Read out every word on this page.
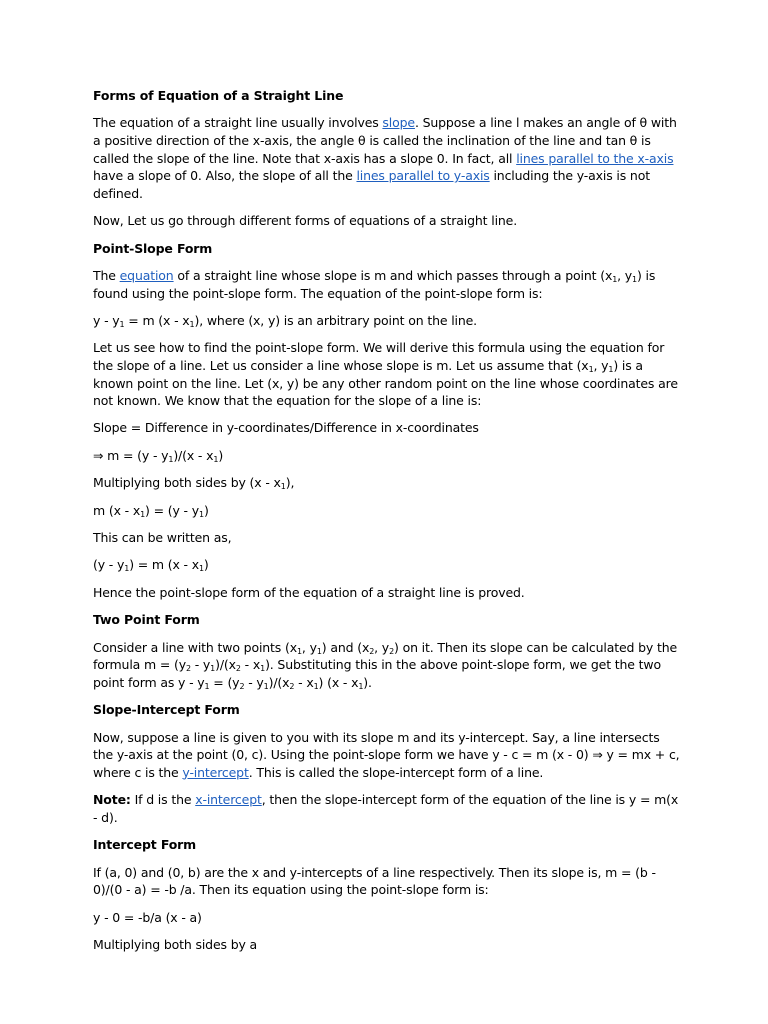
Forms of Equation of a Straight Line

The equation of a straight line usually involves slope. Suppose a line l makes an angle of θ with a positive direction of the x-axis, the angle θ is called the inclination of the line and tan θ is called the slope of the line. Note that x-axis has a slope 0. In fact, all lines parallel to the x-axis have a slope of 0. Also, the slope of all the lines parallel to y-axis including the y-axis is not defined.

Now, Let us go through different forms of equations of a straight line.

Point-Slope Form

The equation of a straight line whose slope is m and which passes through a point ($x_1$, $y_1$) is found using the point-slope form. The equation of the point-slope form is:

$y - y_1 = m$ $(x - x_1)$, where (x, y) is an arbitrary point on the line.

Let us see how to find the point-slope form. We will derive this formula using the equation for the slope of a line. Let us consider a line whose slope is m. Let us assume that ($x_1$, $y_1$) is a known point on the line. Let (x, y) be any other random point on the line whose coordinates are not known. We know that the equation for the slope of a line is:

Slope = Difference in y-coordinates/Difference in x-coordinates

⇒ $m = (y - y_1)/(x - x_1)$

Multiplying both sides by $(x - x_1)$,

m $(x - x_1) = (y - y_1)$

This can be written as,

$(y - y_1) = m$ $(x - x_1)$

Hence the point-slope form of the equation of a straight line is proved.

Two Point Form

Consider a line with two points ($x_1$, $y_1$) and ($x_2$, $y_2$) on it. Then its slope can be calculated by the formula $m = (y_2 - y_1)/(x_2 - x_1)$. Substituting this in the above point-slope form, we get the two point form as $y - y_1 = (y_2 - y_1)/(x_2 - x_1)$ $(x - x_1)$.

Slope-Intercept Form

Now, suppose a line is given to you with its slope m and its y-intercept. Say, a line intersects the y-axis at the point (0, c). Using the point-slope form we have y - c = m (x - 0) ⇒ y = mx + c, where c is the y-intercept. This is called the slope-intercept form of a line.

Note: If d is the x-intercept, then the slope-intercept form of the equation of the line is y = m(x - d).

Intercept Form

If (a, 0) and (0, b) are the x and y-intercepts of a line respectively. Then its slope is, m = (b - 0)/(0 - a) = -b /a. Then its equation using the point-slope form is:

y - 0 = -b/a (x - a)

Multiplying both sides by a
